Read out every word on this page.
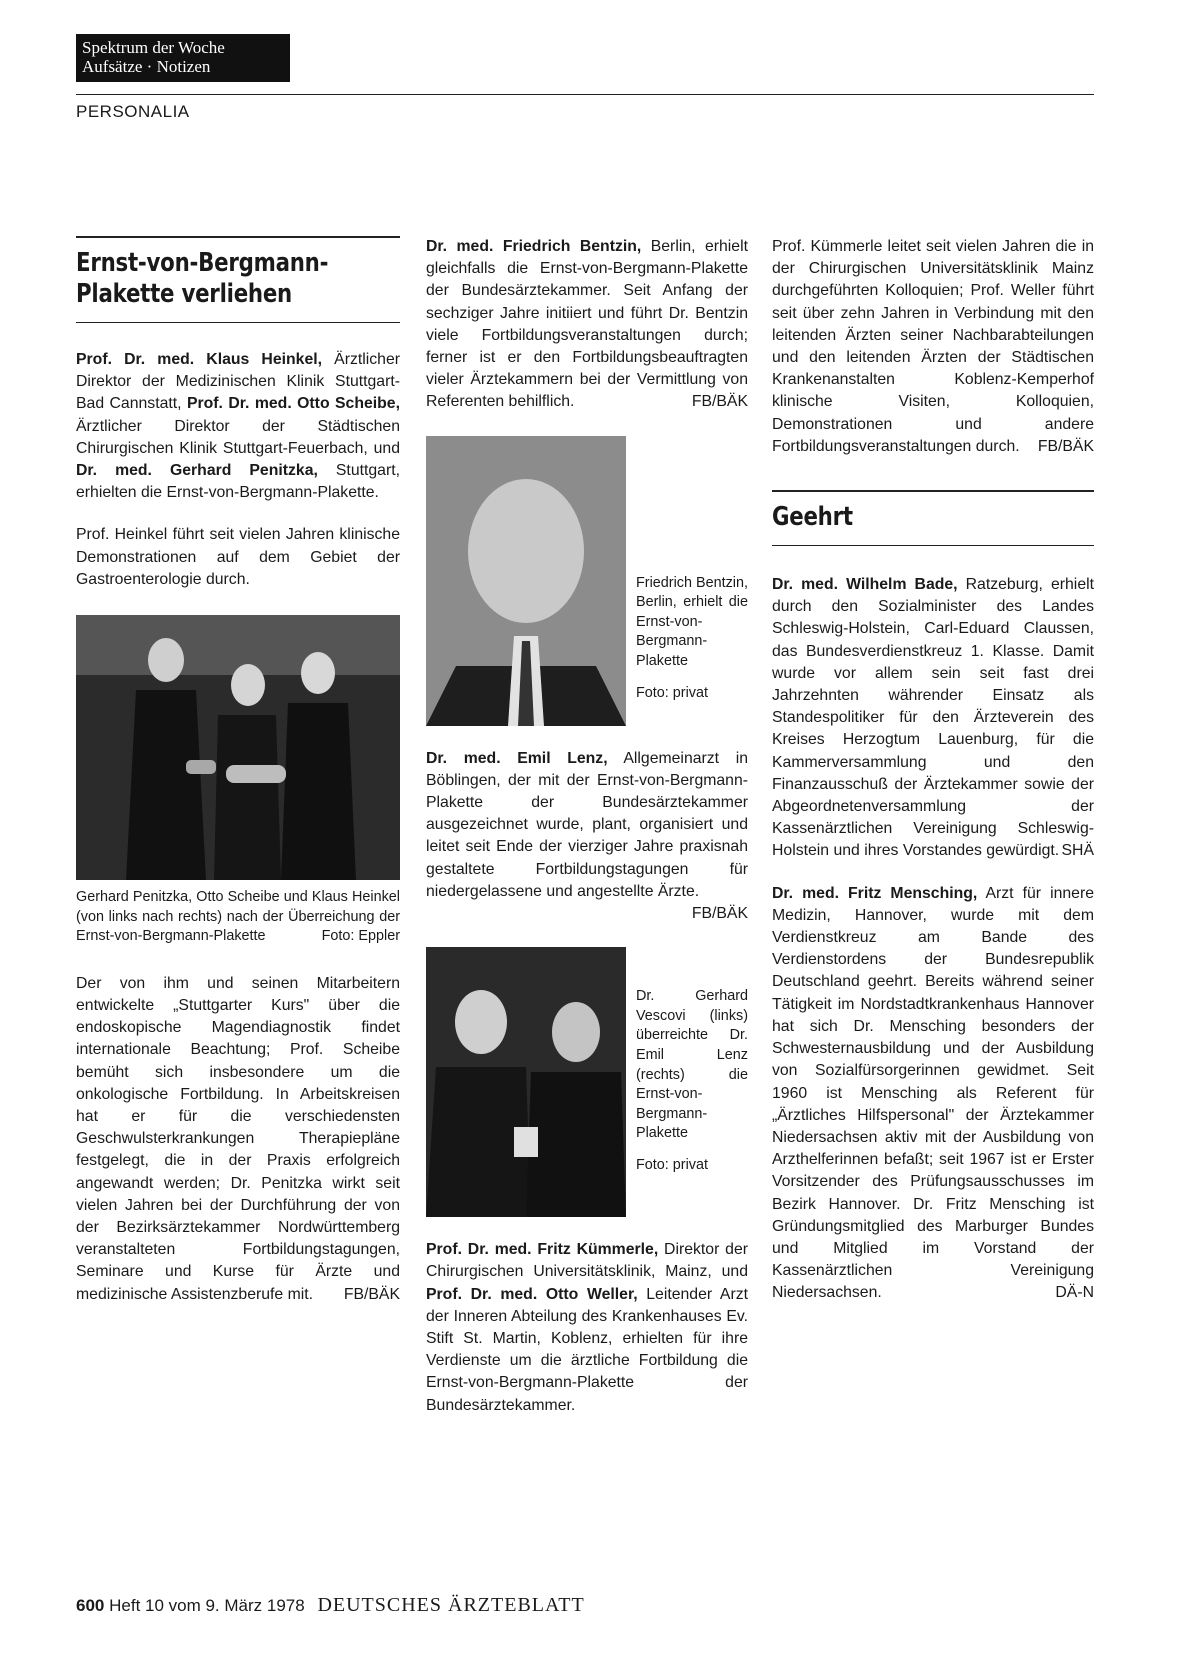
Spektrum der Woche
Aufsätze · Notizen
PERSONALIA
Ernst-von-Bergmann-Plakette verliehen

Prof. Dr. med. Klaus Heinkel, Ärztlicher Direktor der Medizinischen Klinik Stuttgart-Bad Cannstatt, Prof. Dr. med. Otto Scheibe, Ärztlicher Direktor der Städtischen Chirurgischen Klinik Stuttgart-Feuerbach, und Dr. med. Gerhard Penitzka, Stuttgart, erhielten die Ernst-von-Bergmann-Plakette.

Prof. Heinkel führt seit vielen Jahren klinische Demonstrationen auf dem Gebiet der Gastroenterologie durch.

Gerhard Penitzka, Otto Scheibe und Klaus Heinkel (von links nach rechts) nach der Überreichung der Ernst-von-Bergmann-Plakette	Foto: Eppler

Der von ihm und seinen Mitarbeitern entwickelte „Stuttgarter Kurs" über die endoskopische Magendiagnostik findet internationale Beachtung; Prof. Scheibe bemüht sich insbesondere um die onkologische Fortbildung. In Arbeitskreisen hat er für die verschiedensten Geschwulsterkrankungen Therapiepläne festgelegt, die in der Praxis erfolgreich angewandt werden; Dr. Penitzka wirkt seit vielen Jahren bei der Durchführung der von der Bezirksärztekammer Nordwürttemberg veranstalteten Fortbildungstagungen, Seminare und Kurse für Ärzte und medizinische Assistenzberufe mit. FB/BÄK

Dr. med. Friedrich Bentzin, Berlin, erhielt gleichfalls die Ernst-von-Bergmann-Plakette der Bundesärztekammer. Seit Anfang der sechziger Jahre initiiert und führt Dr. Bentzin viele Fortbildungsveranstaltungen durch; ferner ist er den Fortbildungsbeauftragten vieler Ärztekammern bei der Vermittlung von Referenten behilflich.	FB/BÄK

Friedrich Bentzin, Berlin, erhielt die Ernst-von-Bergmann-Plakette
Foto: privat

Dr. med. Emil Lenz, Allgemeinarzt in Böblingen, der mit der Ernst-von-Bergmann-Plakette der Bundesärztekammer ausgezeichnet wurde, plant, organisiert und leitet seit Ende der vierziger Jahre praxisnah gestaltete Fortbildungstagungen für niedergelassene und angestellte Ärzte.
FB/BÄK

Dr. Gerhard Vescovi (links) überreichte Dr. Emil Lenz (rechts) die Ernst-von-Bergmann-Plakette
Foto: privat

Prof. Dr. med. Fritz Kümmerle, Direktor der Chirurgischen Universitätsklinik, Mainz, und Prof. Dr. med. Otto Weller, Leitender Arzt der Inneren Abteilung des Krankenhauses Ev. Stift St. Martin, Koblenz, erhielten für ihre Verdienste um die ärztliche Fortbildung die Ernst-von-Bergmann-Plakette der Bundesärztekammer.

Prof. Kümmerle leitet seit vielen Jahren die in der Chirurgischen Universitätsklinik Mainz durchgeführten Kolloquien; Prof. Weller führt seit über zehn Jahren in Verbindung mit den leitenden Ärzten seiner Nachbarabteilungen und den leitenden Ärzten der Städtischen Krankenanstalten Koblenz-Kemperhof klinische Visiten, Kolloquien, Demonstrationen und andere Fortbildungsveranstaltungen durch. FB/BÄK

Geehrt

Dr. med. Wilhelm Bade, Ratzeburg, erhielt durch den Sozialminister des Landes Schleswig-Holstein, Carl-Eduard Claussen, das Bundesverdienstkreuz 1. Klasse. Damit wurde vor allem sein seit fast drei Jahrzehnten währender Einsatz als Standespolitiker für den Ärzteverein des Kreises Herzogtum Lauenburg, für die Kammerversammlung und den Finanzausschuß der Ärztekammer sowie der Abgeordnetenversammlung der Kassenärztlichen Vereinigung Schleswig-Holstein und ihres Vorstandes gewürdigt. SHÄ

Dr. med. Fritz Mensching, Arzt für innere Medizin, Hannover, wurde mit dem Verdienstkreuz am Bande des Verdienstordens der Bundesrepublik Deutschland geehrt. Bereits während seiner Tätigkeit im Nordstadtkrankenhaus Hannover hat sich Dr. Mensching besonders der Schwesternausbildung und der Ausbildung von Sozialfürsorgerinnen gewidmet. Seit 1960 ist Mensching als Referent für „Ärztliches Hilfspersonal" der Ärztekammer Niedersachsen aktiv mit der Ausbildung von Arzthelferinnen befaßt; seit 1967 ist er Erster Vorsitzender des Prüfungsausschusses im Bezirk Hannover. Dr. Fritz Mensching ist Gründungsmitglied des Marburger Bundes und Mitglied im Vorstand der Kassenärztlichen Vereinigung Niedersachsen.	DÄ-N

600 Heft 10 vom 9. März 1978 DEUTSCHES ÄRZTEBLATT
